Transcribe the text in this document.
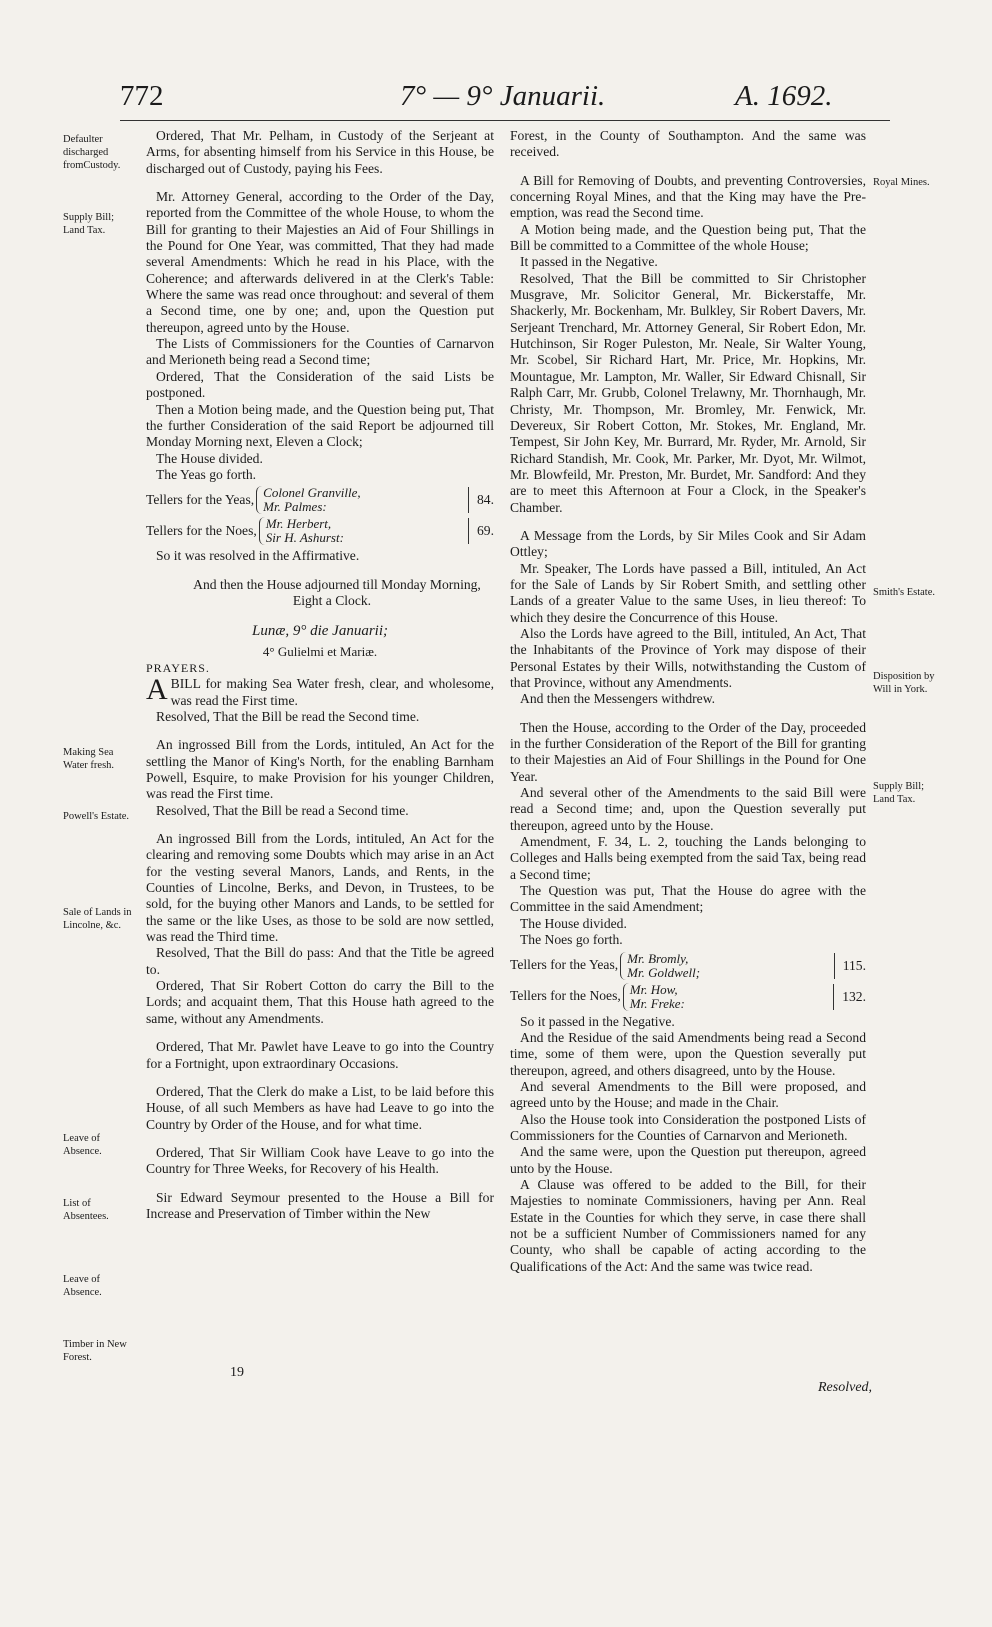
772	7° — 9° Januarii.	A. 1692.
Defaulter discharged fromCustody.
Supply Bill; Land Tax.
Making Sea Water fresh.
Powell's Estate.
Sale of Lands in Lincolne, &c.
Leave of Absence.
List of Absentees.
Leave of Absence.
Timber in New Forest.
Royal Mines.
Smith's Estate.
Disposition by Will in York.
Supply Bill; Land Tax.

Ordered, That Mr. Pelham, in Custody of the Serjeant at Arms, for absenting himself from his Service in this House, be discharged out of Custody, paying his Fees.

Mr. Attorney General, according to the Order of the Day, reported from the Committee of the whole House, to whom the Bill for granting to their Majesties an Aid of Four Shillings in the Pound for One Year, was committed, That they had made several Amendments: Which he read in his Place, with the Coherence; and afterwards delivered in at the Clerk's Table: Where the same was read once throughout: and several of them a Second time, one by one; and, upon the Question put thereupon, agreed unto by the House.

The Lists of Commissioners for the Counties of Carnarvon and Merioneth being read a Second time;

Ordered, That the Consideration of the said Lists be postponed.

Then a Motion being made, and the Question being put, That the further Consideration of the said Report be adjourned till Monday Morning next, Eleven a Clock;

The House divided.

The Yeas go forth.

Tellers for the Yeas, Colonel Granville,
Mr. Palmes:	84.
Tellers for the Noes, Mr. Herbert,
Sir H. Ashurst:	69.

So it was resolved in the Affirmative.

And then the House adjourned till Monday Morning, Eight a Clock.

Lunæ, 9° die Januarii;
4° Gulielmi et Mariæ.

PRAYERS.

ABILL for making Sea Water fresh, clear, and wholesome, was read the First time.

Resolved, That the Bill be read the Second time.

An ingrossed Bill from the Lords, intituled, An Act for the settling the Manor of King's North, for the enabling Barnham Powell, Esquire, to make Provision for his younger Children, was read the First time.

Resolved, That the Bill be read a Second time.

An ingrossed Bill from the Lords, intituled, An Act for the clearing and removing some Doubts which may arise in an Act for the vesting several Manors, Lands, and Rents, in the Counties of Lincolne, Berks, and Devon, in Trustees, to be sold, for the buying other Manors and Lands, to be settled for the same or the like Uses, as those to be sold are now settled, was read the Third time.

Resolved, That the Bill do pass: And that the Title be agreed to.

Ordered, That Sir Robert Cotton do carry the Bill to the Lords; and acquaint them, That this House hath agreed to the same, without any Amendments.

Ordered, That Mr. Pawlet have Leave to go into the Country for a Fortnight, upon extraordinary Occasions.

Ordered, That the Clerk do make a List, to be laid before this House, of all such Members as have had Leave to go into the Country by Order of the House, and for what time.

Ordered, That Sir William Cook have Leave to go into the Country for Three Weeks, for Recovery of his Health.

Sir Edward Seymour presented to the House a Bill for Increase and Preservation of Timber within the New

Forest, in the County of Southampton. And the same was received.

A Bill for Removing of Doubts, and preventing Controversies, concerning Royal Mines, and that the King may have the Pre-emption, was read the Second time.

A Motion being made, and the Question being put, That the Bill be committed to a Committee of the whole House;

It passed in the Negative.

Resolved, That the Bill be committed to Sir Christopher Musgrave, Mr. Solicitor General, Mr. Bickerstaffe, Mr. Shackerly, Mr. Bockenham, Mr. Bulkley, Sir Robert Davers, Mr. Serjeant Trenchard, Mr. Attorney General, Sir Robert Edon, Mr. Hutchinson, Sir Roger Puleston, Mr. Neale, Sir Walter Young, Mr. Scobel, Sir Richard Hart, Mr. Price, Mr. Hopkins, Mr. Mountague, Mr. Lampton, Mr. Waller, Sir Edward Chisnall, Sir Ralph Carr, Mr. Grubb, Colonel Trelawny, Mr. Thornhaugh, Mr. Christy, Mr. Thompson, Mr. Bromley, Mr. Fenwick, Mr. Devereux, Sir Robert Cotton, Mr. Stokes, Mr. England, Mr. Tempest, Sir John Key, Mr. Burrard, Mr. Ryder, Mr. Arnold, Sir Richard Standish, Mr. Cook, Mr. Parker, Mr. Dyot, Mr. Wilmot, Mr. Blowfeild, Mr. Preston, Mr. Burdet, Mr. Sandford: And they are to meet this Afternoon at Four a Clock, in the Speaker's Chamber.

A Message from the Lords, by Sir Miles Cook and Sir Adam Ottley;

Mr. Speaker, The Lords have passed a Bill, intituled, An Act for the Sale of Lands by Sir Robert Smith, and settling other Lands of a greater Value to the same Uses, in lieu thereof: To which they desire the Concurrence of this House.

Also the Lords have agreed to the Bill, intituled, An Act, That the Inhabitants of the Province of York may dispose of their Personal Estates by their Wills, notwithstanding the Custom of that Province, without any Amendments.

And then the Messengers withdrew.

Then the House, according to the Order of the Day, proceeded in the further Consideration of the Report of the Bill for granting to their Majesties an Aid of Four Shillings in the Pound for One Year.

And several other of the Amendments to the said Bill were read a Second time; and, upon the Question severally put thereupon, agreed unto by the House.

Amendment, F. 34, L. 2, touching the Lands belonging to Colleges and Halls being exempted from the said Tax, being read a Second time;

The Question was put, That the House do agree with the Committee in the said Amendment;

The House divided.

The Noes go forth.

Tellers for the Yeas, Mr. Bromly,
Mr. Goldwell;	115.
Tellers for the Noes, Mr. How,
Mr. Freke:	132.

So it passed in the Negative.

And the Residue of the said Amendments being read a Second time, some of them were, upon the Question severally put thereupon, agreed, and others disagreed, unto by the House.

And several Amendments to the Bill were proposed, and agreed unto by the House; and made in the Chair.

Also the House took into Consideration the postponed Lists of Commissioners for the Counties of Carnarvon and Merioneth.

And the same were, upon the Question put thereupon, agreed unto by the House.

A Clause was offered to be added to the Bill, for their Majesties to nominate Commissioners, having per Ann. Real Estate in the Counties for which they serve, in case there shall not be a sufficient Number of Commissioners named for any County, who shall be capable of acting according to the Qualifications of the Act: And the same was twice read.

19
Resolved,
